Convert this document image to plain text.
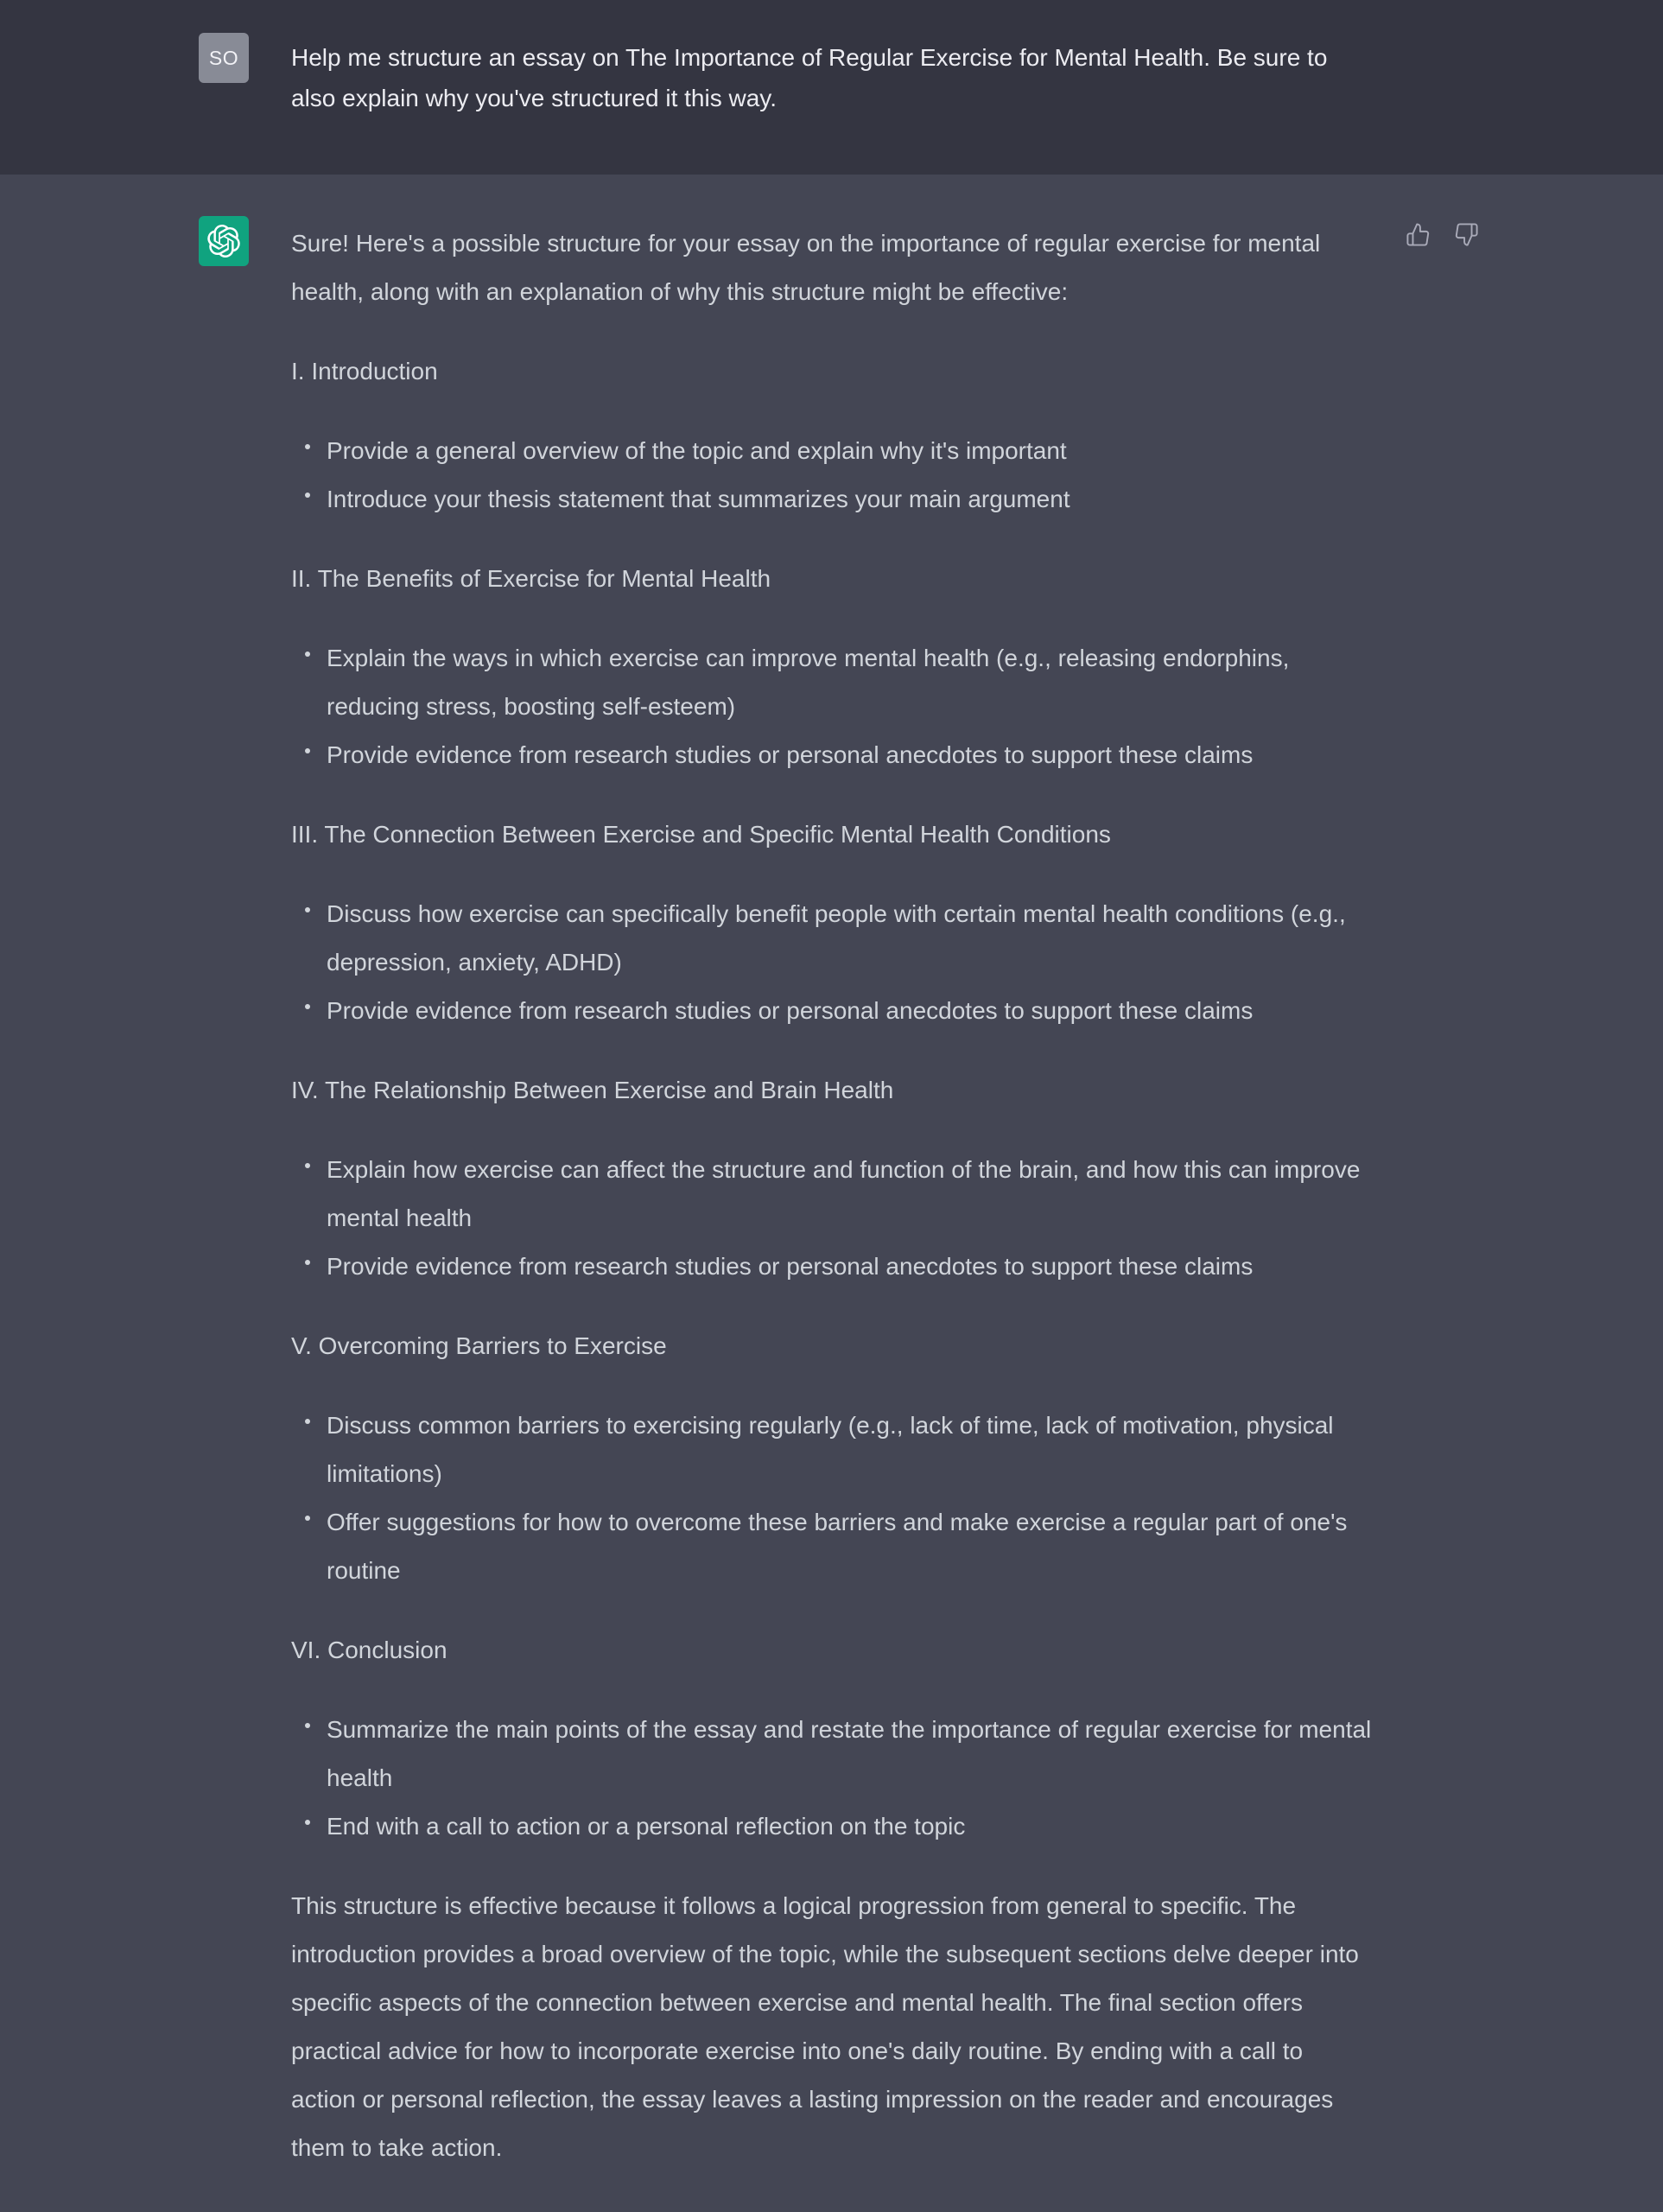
SO Help me structure an essay on The Importance of Regular Exercise for Mental Health. Be sure to also explain why you've structured it this way.

Sure! Here's a possible structure for your essay on the importance of regular exercise for mental health, along with an explanation of why this structure might be effective:

I. Introduction

Provide a general overview of the topic and explain why it's important
Introduce your thesis statement that summarizes your main argument

II. The Benefits of Exercise for Mental Health

Explain the ways in which exercise can improve mental health (e.g., releasing endorphins, reducing stress, boosting self-esteem)
Provide evidence from research studies or personal anecdotes to support these claims

III. The Connection Between Exercise and Specific Mental Health Conditions

Discuss how exercise can specifically benefit people with certain mental health conditions (e.g., depression, anxiety, ADHD)
Provide evidence from research studies or personal anecdotes to support these claims

IV. The Relationship Between Exercise and Brain Health

Explain how exercise can affect the structure and function of the brain, and how this can improve mental health
Provide evidence from research studies or personal anecdotes to support these claims

V. Overcoming Barriers to Exercise

Discuss common barriers to exercising regularly (e.g., lack of time, lack of motivation, physical limitations)
Offer suggestions for how to overcome these barriers and make exercise a regular part of one's routine

VI. Conclusion

Summarize the main points of the essay and restate the importance of regular exercise for mental health
End with a call to action or a personal reflection on the topic

This structure is effective because it follows a logical progression from general to specific. The introduction provides a broad overview of the topic, while the subsequent sections delve deeper into specific aspects of the connection between exercise and mental health. The final section offers practical advice for how to incorporate exercise into one's daily routine. By ending with a call to action or personal reflection, the essay leaves a lasting impression on the reader and encourages them to take action.
